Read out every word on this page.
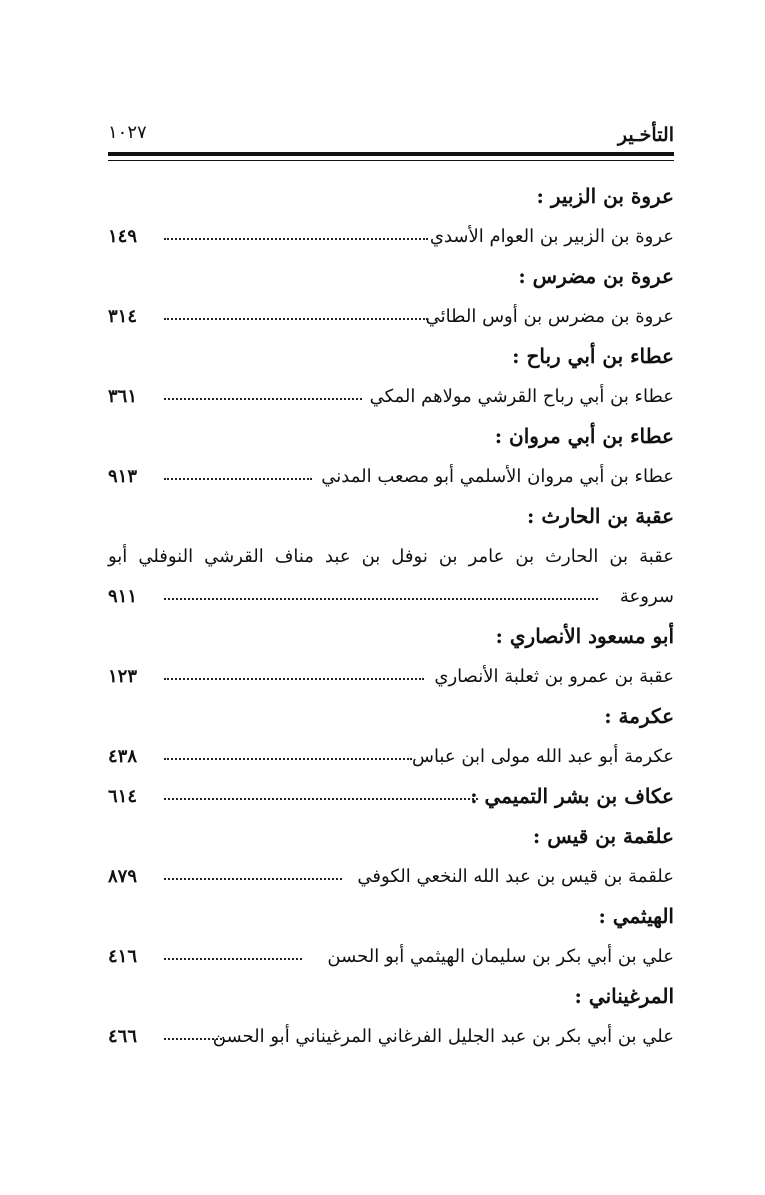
١٠٢٧	التأخـير
عروة بن الزبير :
عروة بن الزبير بن العوام الأسدي
١٤٩
عروة بن مضرس :
عروة بن مضرس بن أوس الطائي
٣١٤
عطاء بن أبي رباح :
عطاء بن أبي رباح القرشي مولاهم المكي
٣٦١
عطاء بن أبي مروان :
عطاء بن أبي مروان الأسلمي أبو مصعب المدني
٩١٣
عقبة بن الحارث :
عقبة بن الحارث بن عامر بن نوفل بن عبد مناف القرشي النوفلي أبو
سروعة
٩١١
أبو مسعود الأنصاري :
عقبة بن عمرو بن ثعلبة الأنصاري
١٢٣
عكرمة :
عكرمة أبو عبد الله مولى ابن عباس
٤٣٨
عكاف بن بشر التميمي :
٦١٤
علقمة بن قيس :
علقمة بن قيس بن عبد الله النخعي الكوفي
٨٧٩
الهيثمي :
علي بن أبي بكر بن سليمان الهيثمي أبو الحسن
٤١٦
المرغيناني :
علي بن أبي بكر بن عبد الجليل الفرغاني المرغيناني أبو الحسن
٤٦٦
